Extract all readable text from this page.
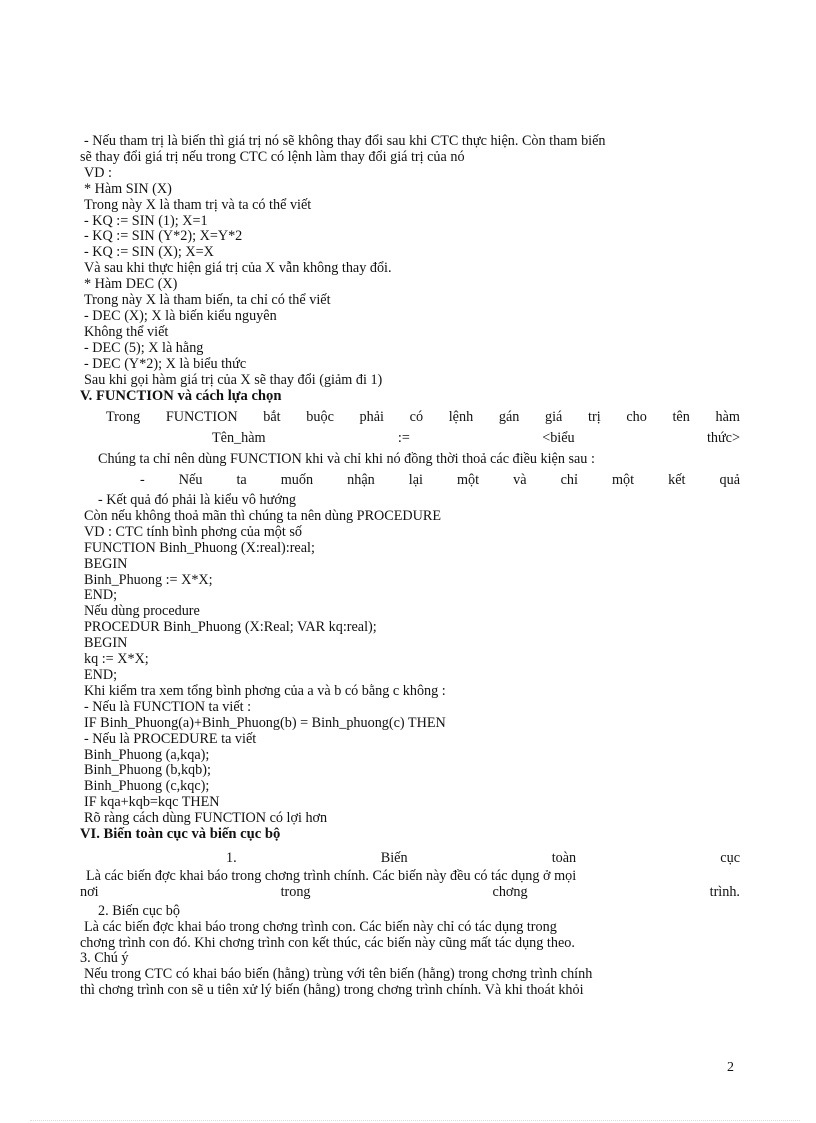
- Nếu tham trị là biến thì giá trị nó sẽ không thay đổi sau khi CTC thực hiện. Còn tham biến
sẽ thay đổi giá trị nếu trong CTC có lệnh làm thay đổi giá trị của nó
VD :
* Hàm SIN (X)
Trong này X là tham trị và ta có thể viết
- KQ := SIN (1); X=1
- KQ := SIN (Y*2); X=Y*2
- KQ := SIN (X); X=X
Và sau khi thực hiện giá trị của X vẫn không thay đổi.
* Hàm DEC (X)
Trong này X là tham biến, ta chỉ có thể viết
- DEC (X); X là biến kiểu nguyên
Không thể viết
- DEC (5); X là hằng
- DEC (Y*2); X là biểu thức
Sau khi gọi hàm giá trị của X sẽ thay đổi (giảm đi 1)
V. FUNCTION và cách lựa chọn
Trong FUNCTION bắt buộc phải có lệnh gán giá trị cho tên hàm
Tên_hàm	:=	<biểu	thức>
Chúng ta chỉ nên dùng FUNCTION khi và chỉ khi nó đồng thời thoả các điều kiện sau :
- Nếu ta muốn nhận lại một và chỉ một kết quả
- Kết quả đó phải là kiểu vô hướng
Còn nếu không thoả mãn thì chúng ta nên dùng PROCEDURE
VD : CTC tính bình phơng của một số
FUNCTION Binh_Phuong (X:real):real;
BEGIN
Binh_Phuong := X*X;
END;
Nếu dùng procedure
PROCEDUR Binh_Phuong (X:Real; VAR kq:real);
BEGIN
kq := X*X;
END;
Khi kiểm tra xem tổng bình phơng của a và b có bằng c không :
- Nếu là FUNCTION ta viết :
IF Binh_Phuong(a)+Binh_Phuong(b) = Binh_phuong(c) THEN
- Nếu là PROCEDURE ta viết
Binh_Phuong (a,kqa);
Binh_Phuong (b,kqb);
Binh_Phuong (c,kqc);
IF kqa+kqb=kqc THEN
Rõ ràng cách dùng FUNCTION có lợi hơn
VI. Biến toàn cục và biến cục bộ
1.	Biến	toàn	cục
Là các biến đợc khai báo trong chơng trình chính. Các biến này đều có tác dụng ở mọi
nơi	trong	chơng	trình.
2. Biến cục bộ
Là các biến đợc khai báo trong chơng trình con. Các biến này chỉ có tác dụng trong
chơng trình con đó. Khi chơng trình con kết thúc, các biến này cũng mất tác dụng theo.
3. Chú ý
Nếu trong CTC có khai báo biến (hằng) trùng với tên biến (hằng) trong chơng trình chính
thì chơng trình con sẽ u tiên xử lý biến (hằng) trong chơng trình chính. Và khi thoát khỏi
2
